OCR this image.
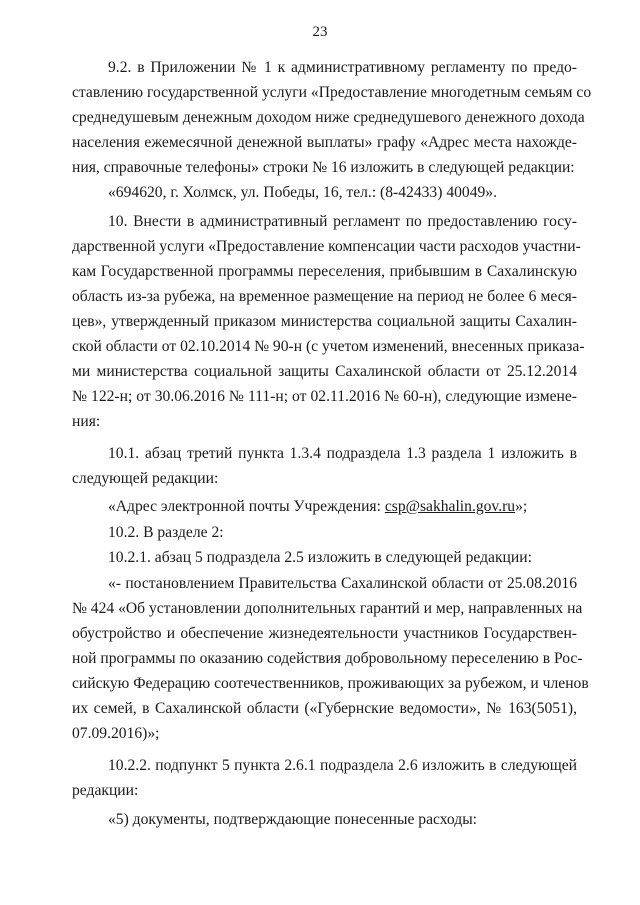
23
9.2. в Приложении № 1 к административному регламенту по предо-
ставлению государственной услуги «Предоставление многодетным семьям со
среднедушевым денежным доходом ниже среднедушевого денежного дохода
населения ежемесячной денежной выплаты» графу «Адрес места нахожде-
ния, справочные телефоны» строки № 16 изложить в следующей редакции:
«694620, г. Холмск, ул. Победы, 16, тел.: (8-42433) 40049».
10. Внести в административный регламент по предоставлению госу-
дарственной услуги «Предоставление компенсации части расходов участни-
кам Государственной программы переселения, прибывшим в Сахалинскую
область из-за рубежа, на временное размещение на период не более 6 меся-
цев», утвержденный приказом министерства социальной защиты Сахалин-
ской области от 02.10.2014 № 90-н (с учетом изменений, внесенных приказа-
ми министерства социальной защиты Сахалинской области от 25.12.2014
№ 122-н; от 30.06.2016 № 111-н; от 02.11.2016 № 60-н), следующие измене-
ния:
10.1. абзац третий пункта 1.3.4 подраздела 1.3 раздела 1 изложить в
следующей редакции:
«Адрес электронной почты Учреждения: csp@sakhalin.gov.ru»;
10.2. В разделе 2:
10.2.1. абзац 5 подраздела 2.5 изложить в следующей редакции:
«- постановлением Правительства Сахалинской области от 25.08.2016
№ 424 «Об установлении дополнительных гарантий и мер, направленных на
обустройство и обеспечение жизнедеятельности участников Государствен-
ной программы по оказанию содействия добровольному переселению в Рос-
сийскую Федерацию соотечественников, проживающих за рубежом, и членов
их семей, в Сахалинской области («Губернские ведомости», № 163(5051),
07.09.2016)»;
10.2.2. подпункт 5 пункта 2.6.1 подраздела 2.6 изложить в следующей
редакции:
«5) документы, подтверждающие понесенные расходы:
